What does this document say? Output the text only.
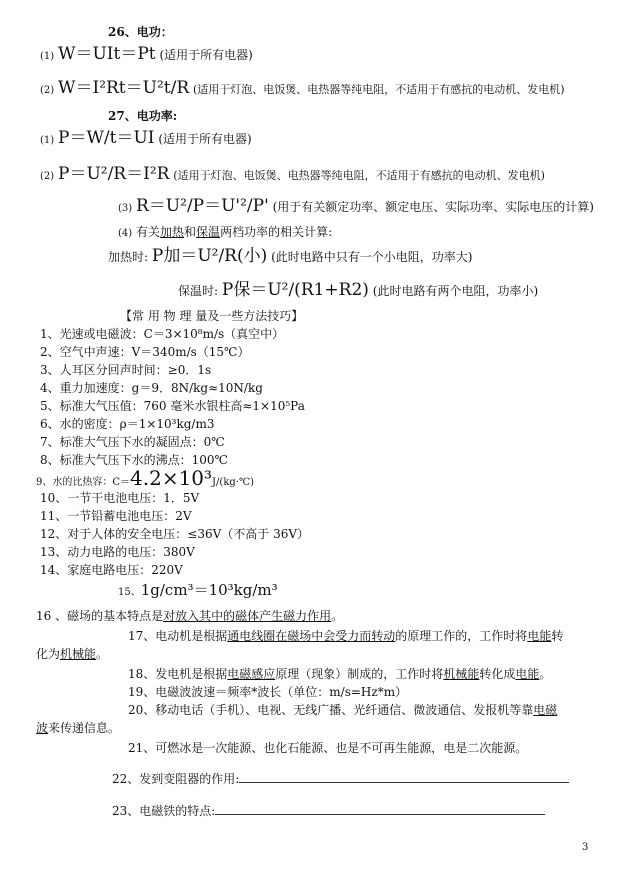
26、电功：
(1) W＝UIt＝Pt (适用于所有电器)
(2) W＝I²Rt＝U²t/R (适用于灯泡、电饭煲、电热器等纯电阻，不适用于有感抗的电动机、发电机)
27、电功率:
(1) P＝W/t＝UI (适用于所有电器)
(2) P＝U²/R＝I²R (适用于灯泡、电饭煲、电热器等纯电阻，不适用于有感抗的电动机、发电机)
(3) R＝U²/P＝U'²/P' (用于有关额定功率、额定电压、实际功率、实际电压的计算)
(4) 有关加热和保温两档功率的相关计算:
加热时: P加＝U²/R(小) (此时电路中只有一个小电阻，功率大)
保温时: P保＝U²/(R1+R2) (此时电路有两个电阻，功率小)
【常 用 物 理 量及一些方法技巧】
1、光速或电磁波：C＝3×10⁸m/s（真空中）
2、空气中声速：V＝340m/s（15℃）
3、人耳区分回声时间：≥0．1s
4、重力加速度：g＝9．8N/kg≈10N/kg
5、标准大气压值：760 毫米水银柱高≈1×10⁵Pa
6、水的密度：ρ＝1×10³kg/m3
7、标准大气压下水的凝固点：0℃
8、标准大气压下水的沸点：100℃
9、水的比热容：C＝4.2×10³J/(kg·℃)
10、一节干电池电压：1．5V
11、一节铅蓄电池电压：2V
12、对于人体的安全电压：≤36V（不高于 36V）
13、动力电路的电压：380V
14、家庭电路电压：220V
15、1g/cm³＝10³kg/m³
16 、磁场的基本特点是对放入其中的磁体产生磁力作用。
17、电动机是根据通电线圈在磁场中会受力而转动的原理工作的，工作时将电能转
化为机械能。
18、发电机是根据电磁感应原理（现象）制成的，工作时将机械能转化成电能。
19、电磁波波速＝频率*波长（单位：m/s=Hz*m）
20、移动电话（手机）、电视、无线广播、光纤通信、微波通信、发报机等靠电磁
波来传递信息。
21、可燃冰是一次能源、也化石能源、也是不可再生能源，电是二次能源。
22、发到变阻器的作用:
23、电磁铁的特点:
3
